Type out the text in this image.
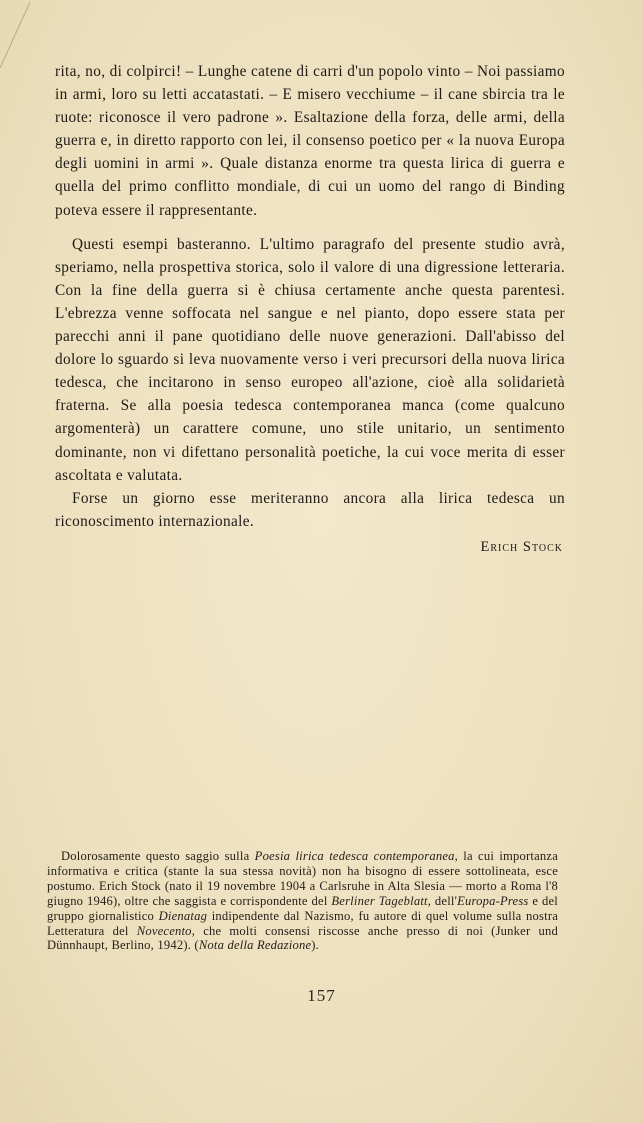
rita, no, di colpirci! – Lunghe catene di carri d'un popolo vinto – Noi passiamo in armi, loro su letti accatastati. – E misero vecchiume – il cane sbircia tra le ruote: riconosce il vero padrone ». Esaltazione della forza, delle armi, della guerra e, in diretto rapporto con lei, il consenso poetico per « la nuova Europa degli uomini in armi ». Quale distanza enorme tra questa lirica di guerra e quella del primo conflitto mondiale, di cui un uomo del rango di Binding poteva essere il rappresentante.

Questi esempi basteranno. L'ultimo paragrafo del presente studio avrà, speriamo, nella prospettiva storica, solo il valore di una digressione letteraria. Con la fine della guerra si è chiusa certamente anche questa parentesi. L'ebrezza venne soffocata nel sangue e nel pianto, dopo essere stata per parecchi anni il pane quotidiano delle nuove generazioni. Dall'abisso del dolore lo sguardo si leva nuovamente verso i veri precursori della nuova lirica tedesca, che incitarono in senso europeo all'azione, cioè alla solidarietà fraterna. Se alla poesia tedesca contemporanea manca (come qualcuno argomenterà) un carattere comune, uno stile unitario, un sentimento dominante, non vi difettano personalità poetiche, la cui voce merita di esser ascoltata e valutata.

Forse un giorno esse meriteranno ancora alla lirica tedesca un riconoscimento internazionale.

Erich Stock

Dolorosamente questo saggio sulla Poesia lirica tedesca contemporanea, la cui importanza informativa e critica (stante la sua stessa novità) non ha bisogno di essere sottolineata, esce postumo. Erich Stock (nato il 19 novembre 1904 a Carlsruhe in Alta Slesia — morto a Roma l'8 giugno 1946), oltre che saggista e corrispondente del Berliner Tageblatt, dell'Europa-Press e del gruppo giornalistico Dienatag indipendente dal Nazismo, fu autore di quel volume sulla nostra Letteratura del Novecento, che molti consensi riscosse anche presso di noi (Junker und Dünnhaupt, Berlino, 1942). (Nota della Redazione).

157
